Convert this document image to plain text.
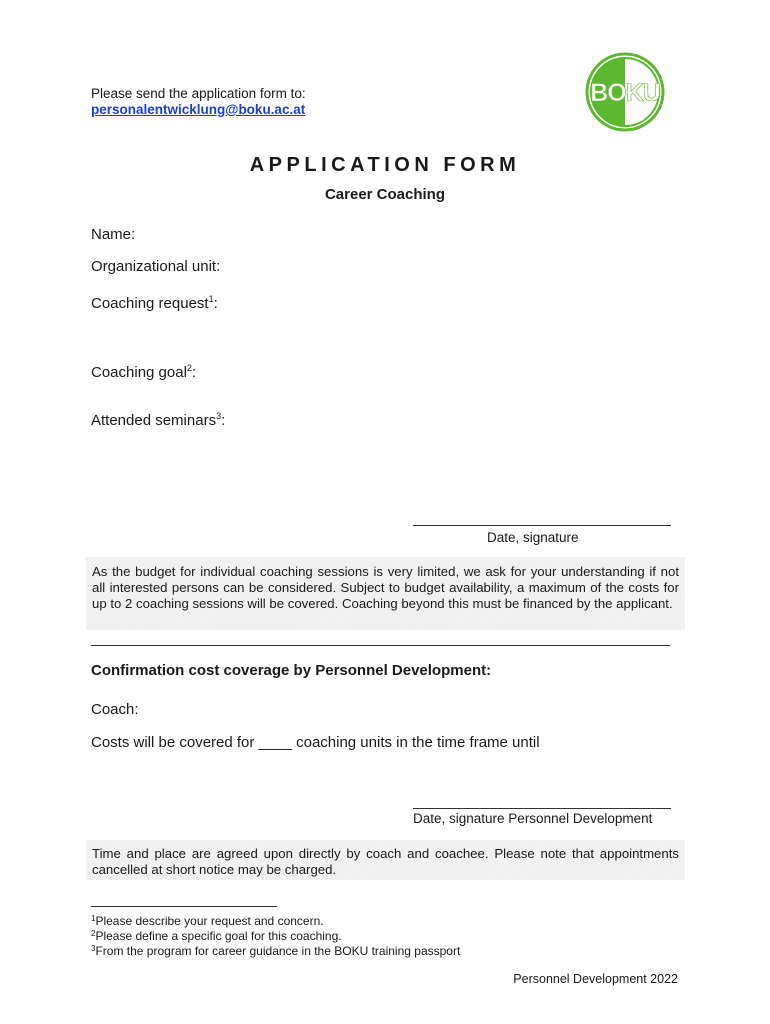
Please send the application form to:
personalentwicklung@boku.ac.at
BOKU
APPLICATION FORM
Career Coaching
Name:
Organizational unit:
Coaching request$^1$:
Coaching goal$^2$:
Attended seminars$^3$:
Date, signature

As the budget for individual coaching sessions is very limited, we ask for your understanding if not all interested persons can be considered. Subject to budget availability, a maximum of the costs for up to 2 coaching sessions will be covered. Coaching beyond this must be financed by the applicant.

Confirmation cost coverage by Personnel Development:
Coach:
Costs will be covered for ____ coaching units in the time frame until
Date, signature Personnel Development

Time and place are agreed upon directly by coach and coachee. Please note that appointments cancelled at short notice may be charged.

$^1$Please describe your request and concern.
$^2$Please define a specific goal for this coaching.
$^3$From the program for career guidance in the BOKU training passport
Personnel Development 2022
